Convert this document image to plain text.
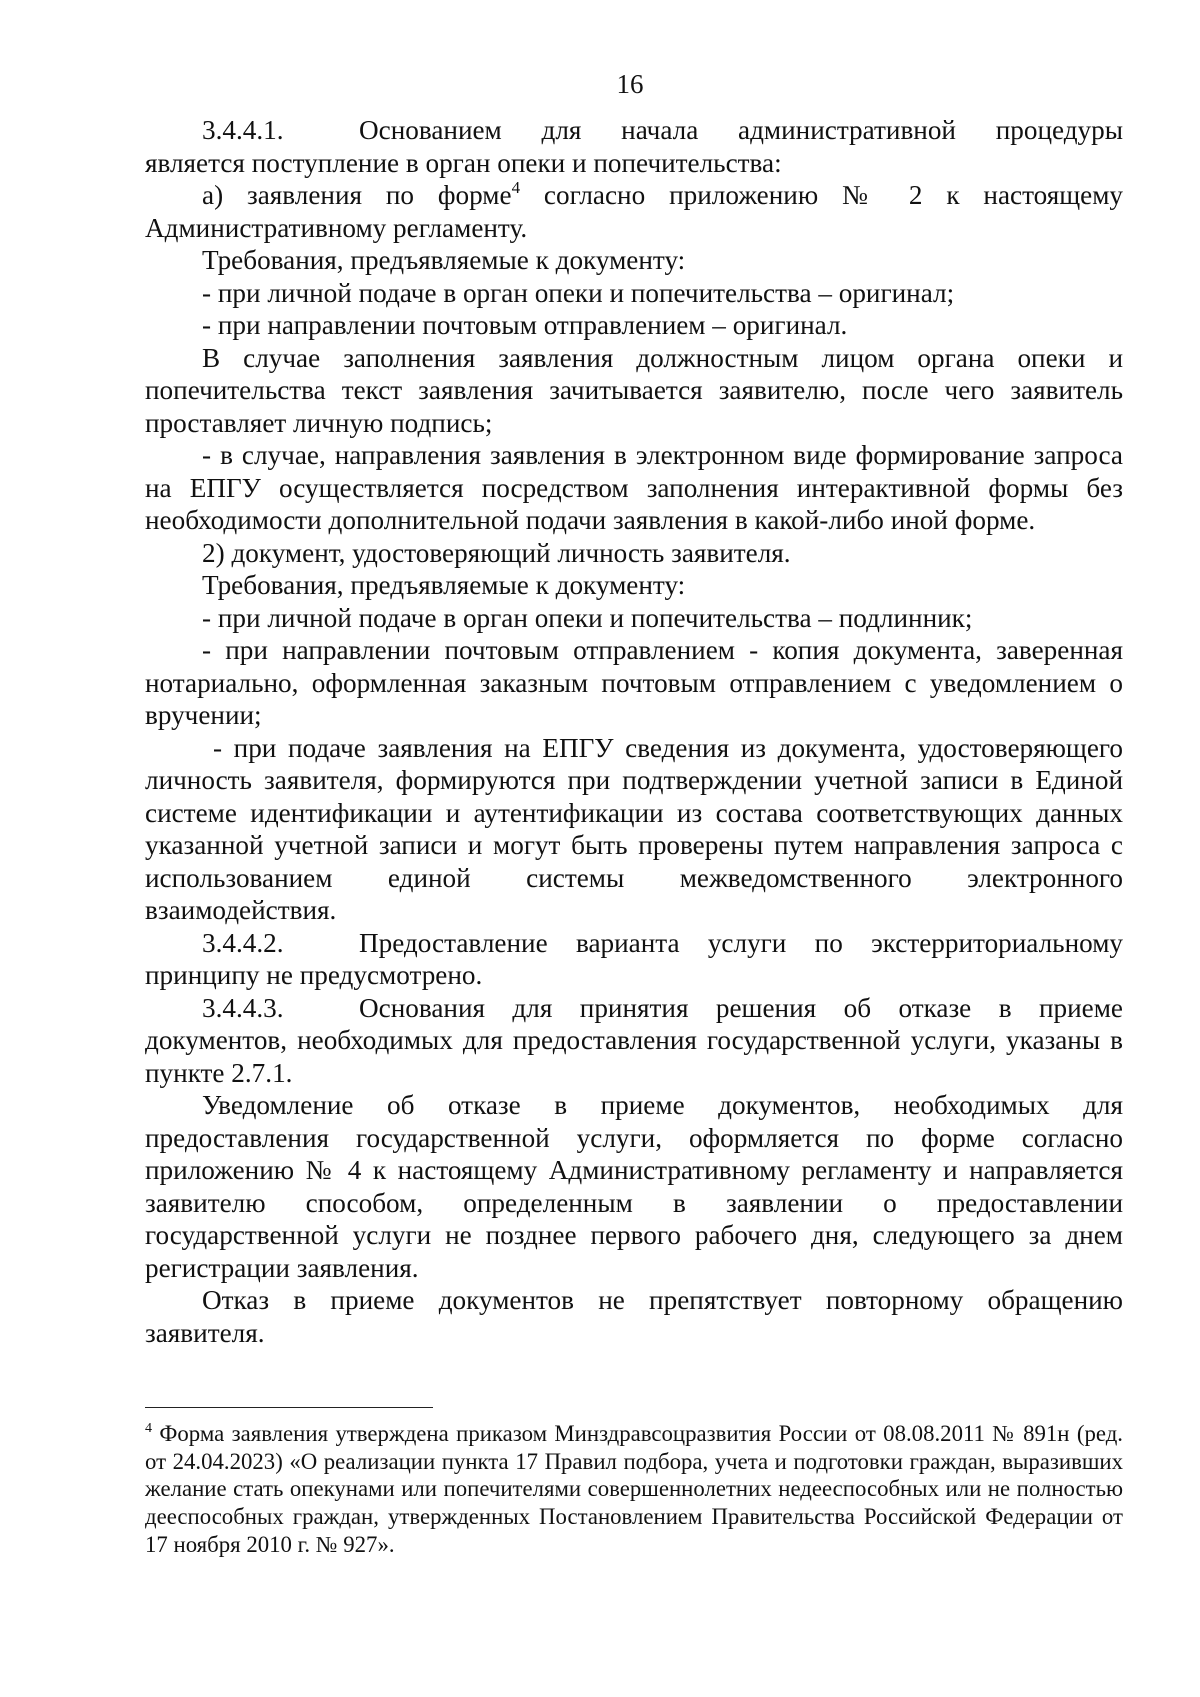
16

3.4.4.1.	Основанием для начала административной процедуры

является поступление в орган опеки и попечительства:

а) заявления по форме$^4$ согласно приложению № 2 к настоящему Административному регламенту.

Требования, предъявляемые к документу:

- при личной подаче в орган опеки и попечительства – оригинал;

- при направлении почтовым отправлением – оригинал.

В случае заполнения заявления должностным лицом органа опеки и попечительства текст заявления зачитывается заявителю, после чего заявитель проставляет личную подпись;

- в случае, направления заявления в электронном виде формирование запроса на ЕПГУ осуществляется посредством заполнения интерактивной формы без необходимости дополнительной подачи заявления в какой-либо иной форме.

2) документ, удостоверяющий личность заявителя.

Требования, предъявляемые к документу:

- при личной подаче в орган опеки и попечительства – подлинник;

- при направлении почтовым отправлением - копия документа, заверенная нотариально, оформленная заказным почтовым отправлением с уведомлением о вручении;

- при подаче заявления на ЕПГУ сведения из документа, удостоверяющего личность заявителя, формируются при подтверждении учетной записи в Единой системе идентификации и аутентификации из состава соответствующих данных указанной учетной записи и могут быть проверены путем направления запроса с использованием единой системы межведомственного электронного взаимодействия.

3.4.4.2.	Предоставление варианта услуги по экстерриториальному

принципу не предусмотрено.

3.4.4.3.	Основания для принятия решения об отказе в приеме

документов, необходимых для предоставления государственной услуги, указаны в пункте 2.7.1.

Уведомление об отказе в приеме документов, необходимых для предоставления государственной услуги, оформляется по форме согласно приложению № 4 к настоящему Административному регламенту и направляется заявителю способом, определенным в заявлении о предоставлении государственной услуги не позднее первого рабочего дня, следующего за днем регистрации заявления.

Отказ в приеме документов не препятствует повторному обращению заявителя.

$^4$ Форма заявления утверждена приказом Минздравсоцразвития России от 08.08.2011 № 891н (ред. от 24.04.2023) «О реализации пункта 17 Правил подбора, учета и подготовки граждан, выразивших желание стать опекунами или попечителями совершеннолетних недееспособных или не полностью дееспособных граждан, утвержденных Постановлением Правительства Российской Федерации от 17 ноября 2010 г. № 927».
